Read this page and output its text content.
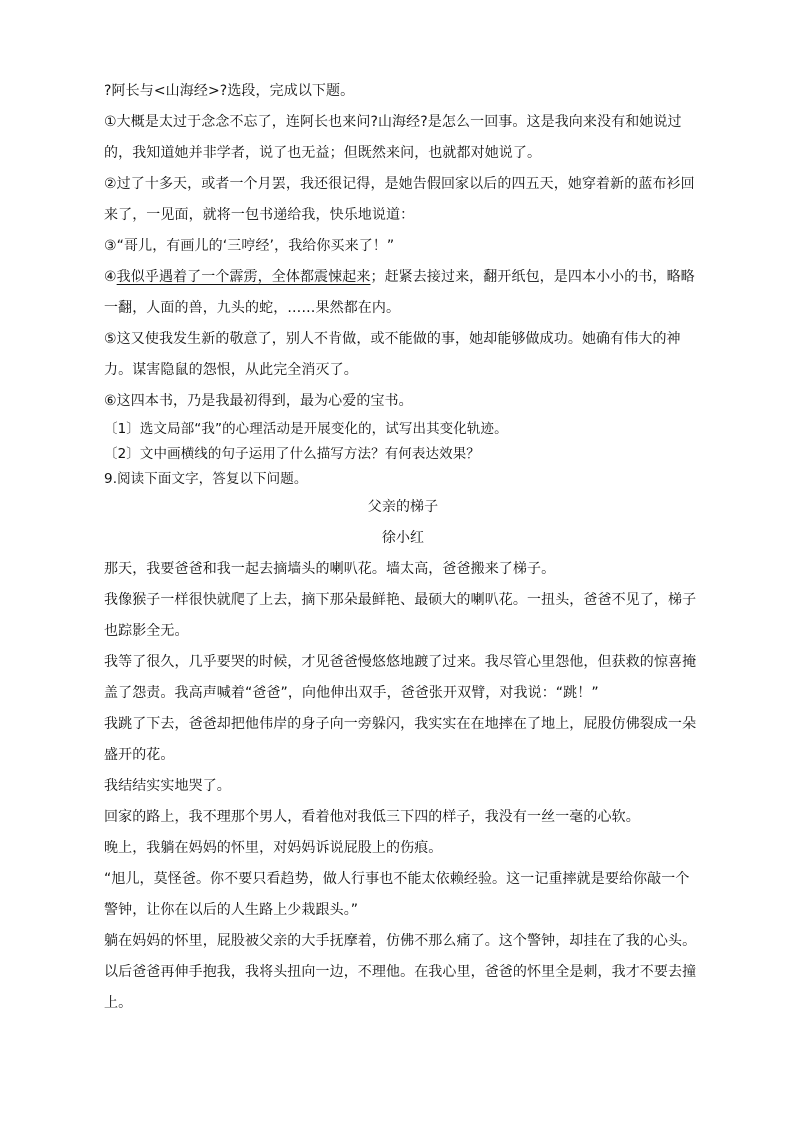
?阿长与<山海经>?选段，完成以下题。

①大概是太过于念念不忘了，连阿长也来问?山海经?是怎么一回事。这是我向来没有和她说过的，我知道她并非学者，说了也无益；但既然来问，也就都对她说了。

②过了十多天，或者一个月罢，我还很记得，是她告假回家以后的四五天，她穿着新的蓝布衫回来了，一见面，就将一包书递给我，快乐地说道：

③“哥儿，有画儿的‘三哼经’，我给你买来了！”

④我似乎遇着了一个霹雳，全体都震悚起来；赶紧去接过来，翻开纸包，是四本小小的书，略略一翻，人面的兽，九头的蛇，……果然都在内。

⑤这又使我发生新的敬意了，别人不肯做，或不能做的事，她却能够做成功。她确有伟大的神力。谋害隐鼠的怨恨，从此完全消灭了。

⑥这四本书，乃是我最初得到，最为心爱的宝书。

〔1〕选文局部“我”的心理活动是开展变化的，试写出其变化轨迹。

〔2〕文中画横线的句子运用了什么描写方法？有何表达效果？

9.阅读下面文字，答复以下问题。

父亲的梯子

徐小红

那天，我要爸爸和我一起去摘墙头的喇叭花。墙太高，爸爸搬来了梯子。

我像猴子一样很快就爬了上去，摘下那朵最鲜艳、最硕大的喇叭花。一扭头，爸爸不见了，梯子也踪影全无。

我等了很久，几乎要哭的时候，才见爸爸慢悠悠地踱了过来。我尽管心里怨他，但获救的惊喜掩盖了怨责。我高声喊着“爸爸”，向他伸出双手，爸爸张开双臂，对我说：“跳！”

我跳了下去，爸爸却把他伟岸的身子向一旁躲闪，我实实在在地摔在了地上，屁股仿佛裂成一朵盛开的花。

我结结实实地哭了。

回家的路上，我不理那个男人，看着他对我低三下四的样子，我没有一丝一毫的心软。

晚上，我躺在妈妈的怀里，对妈妈诉说屁股上的伤痕。

“旭儿，莫怪爸。你不要只看趋势，做人行事也不能太依赖经验。这一记重摔就是要给你敲一个警钟，让你在以后的人生路上少栽跟头。”

躺在妈妈的怀里，屁股被父亲的大手抚摩着，仿佛不那么痛了。这个警钟，却挂在了我的心头。

以后爸爸再伸手抱我，我将头扭向一边，不理他。在我心里，爸爸的怀里全是刺，我才不要去撞上。
